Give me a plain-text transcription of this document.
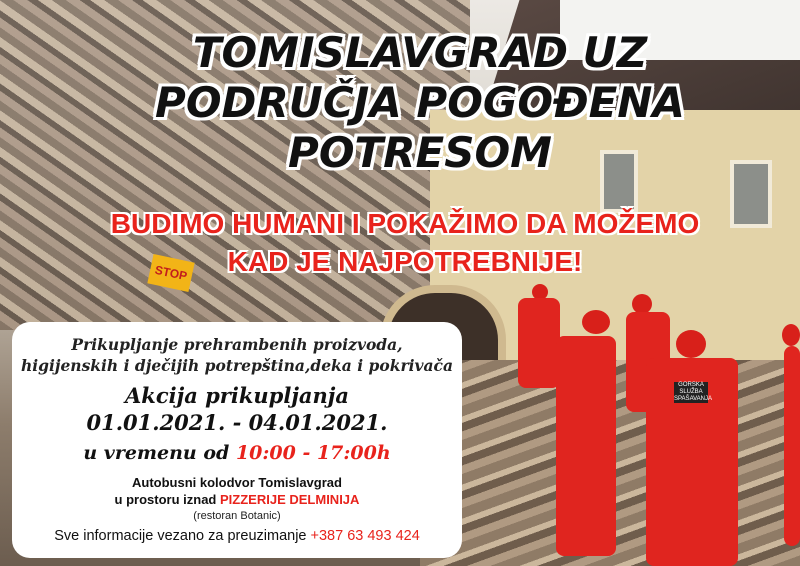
STOP
GORSKA SLUŽBA SPAŠAVANJA
TOMISLAVGRAD UZ
PODRUČJA POGOĐENA
POTRESOM
BUDIMO HUMANI I POKAŽIMO DA MOŽEMO
KAD JE NAJPOTREBNIJE!
Prikupljanje prehrambenih proizvoda,
higijenskih i dječijih potrepština,deka i pokrivača
Akcija prikupljanja
01.01.2021. - 04.01.2021.
u vremenu od 10:00 - 17:00h
Autobusni kolodvor Tomislavgrad
u prostoru iznad PIZZERIJE DELMINIJA
(restoran Botanic)
Sve informacije vezano za preuzimanje +387 63 493 424
